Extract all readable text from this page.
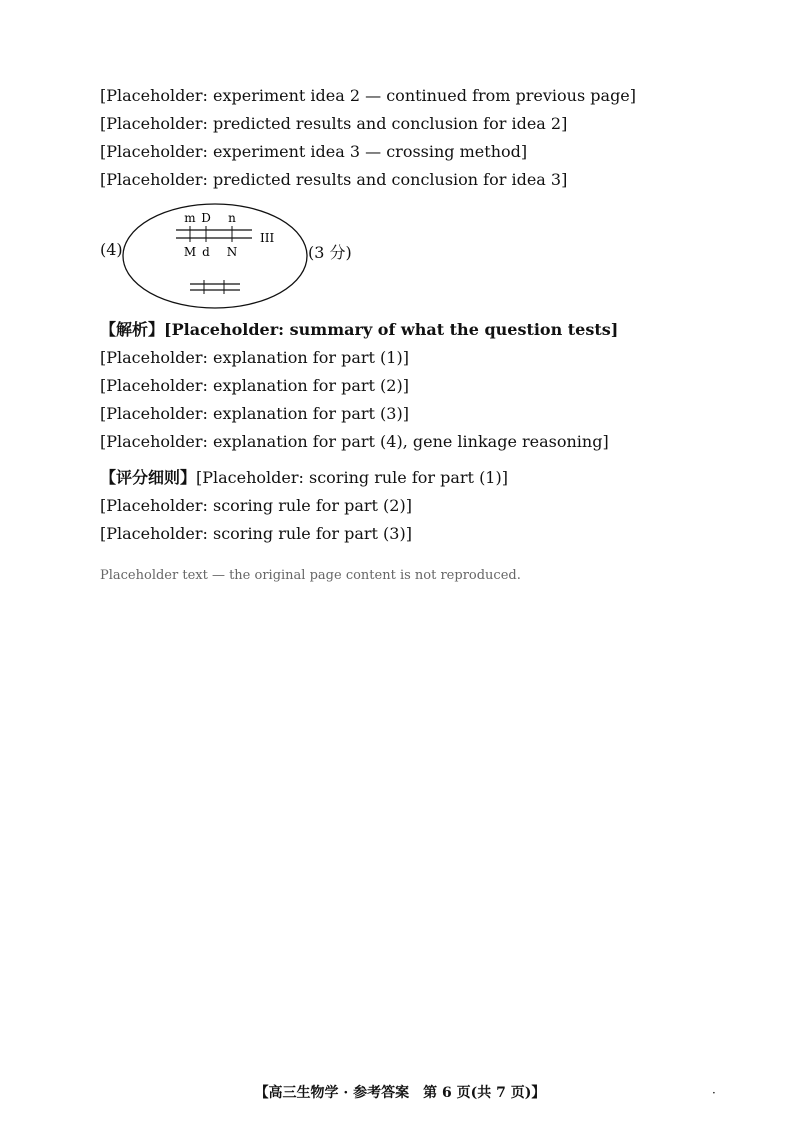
[Placeholder: experiment idea 2 — continued from previous page]

[Placeholder: predicted results and conclusion for idea 2]

[Placeholder: experiment idea 3 — crossing method]

[Placeholder: predicted results and conclusion for idea 3]

(4)
m D n
M d N
III
(3 分)

【解析】[Placeholder: summary of what the question tests]

[Placeholder: explanation for part (1)]

[Placeholder: explanation for part (2)]

[Placeholder: explanation for part (3)]

[Placeholder: explanation for part (4), gene linkage reasoning]

【评分细则】[Placeholder: scoring rule for part (1)]

[Placeholder: scoring rule for part (2)]

[Placeholder: scoring rule for part (3)]

Placeholder text — the original page content is not reproduced.

【高三生物学 · 参考答案　第 6 页(共 7 页)】	·
